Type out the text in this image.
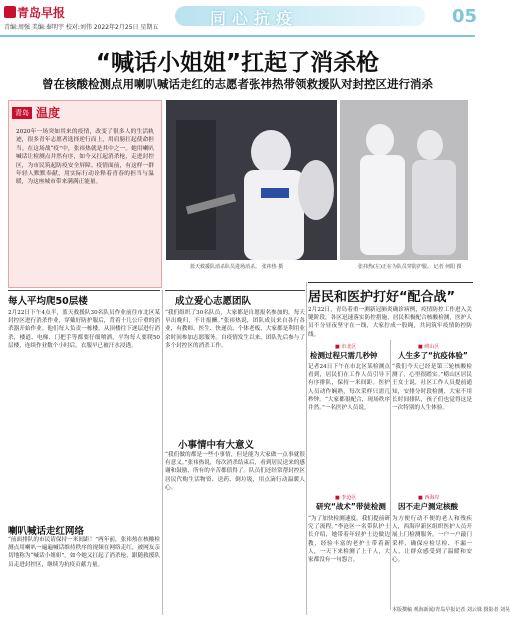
青岛早报
青编:周强 美编:秦明宇 校对:刘伟 2022年2月25日 星期五	同心抗疫	05
“喊话小姐姐”扛起了消杀枪
曾在核酸检测点用喇叭喊话走红的志愿者张祎热带领救援队对封控区进行消杀
青岛 温度
2020年一场突如其来的疫情，改变了很多人的生活轨迹，很多青年志愿者选择逆行而上，用肩膀扛起使命担当。在这场战“疫”中，张祎热就是其中之一。她用喇叭喊话让检测点井然有序，如今又扛起消杀枪，走进封控区，为市民筑起防疫安全屏障。疫情面前，有这样一群年轻人默默奉献，用实际行动诠释着青春的担当与温暖，为这座城市带来满满正能量。
蓝天救援队消杀队员进场消杀。 张祎热 摄	张祎热(左)正在为队员穿防护服。 记者 何阳 摄
每人平均爬50层楼
2月22日下午4点半，蓝天救援队30名队员作业前往市北区某封控区进行消杀作业，穿戴好防护服后，背着十几公斤重的消杀器开始作业。他们每人负责一栋楼，从顶楼往下逐层进行消杀，楼道、电梯、门把手等都要仔细喷洒，平均每人要爬50层楼，连续作业数个小时后，衣服早已被汗水浸透。
喇叭喊话走红网络
“前面排队的市民请保持一米间距！”两年前，张祎热在核酸检测点用喇叭一遍遍喊话维持秩序的视频在网络走红，被网友亲切地称为“喊话小姐姐”。如今她又扛起了消杀枪，跟随救援队员走进封控区，继续为抗疫贡献力量。
成立爱心志愿团队
“我们组织了30名队员，大家都是自愿报名参加的，每天早出晚归，不计报酬。”张祎热说，团队成员来自各行各业，有教师、医生、快递员、个体老板，大家都是利用业余时间参加志愿服务。自疫情发生以来，团队先后参与了多个封控区的消杀工作。
小事情中有大意义
“我们做的都是一些小事情，但是能为大家做一点事就很有意义。”张祎热说，每次消杀结束后，看到居民送来的感谢和鼓励，所有的辛苦都值得了。队员们还经常帮封控区居民代购生活物资、送药、倒垃圾，用点滴行动温暖人心。
居民和医护打好“配合战”
2月22日，青岛着重一测新冠肺炎确诊病例，疫情防控工作进入关键阶段，各区迅速落实防控措施，居民积极配合核酸检测，医护人员不分昼夜坚守在一线，大家拧成一股绳，共同筑牢疫情防控防线。
■ 市北区
检测过程只需几秒钟
记者24日下午在市北区某检测点看到，居民们在工作人员引导下有序排队，保持一米间距。医护人员动作娴熟，每次采样只需几秒钟。“大家都很配合，现场秩序井然。”一名医护人员说。
■ 李沧区
研究“战术”带徒检测
“为了加快检测速度，我们提前研究了流程。”李沧区一名带队护士长介绍，她带着年轻护士边做边教，经验丰富的老护士带着新人，一天下来检测了上千人，大家都没有一句怨言。
■ 崂山区
人生多了“抗疫体验”
“我们今天已经是第三轮核酸检测了，心里很踏实。”崂山区居民王女士说，社区工作人员提前通知，安排分时段检测，大家不用长时间排队，孩子们也觉得这是一次特别的人生体验。
■ 西海岸
因不走户测定核酸
为方便行动不便的老人和残疾人，西海岸新区组织医护人员开展上门检测服务，一户一户敲门采样，确保应检尽检、不漏一人，让群众感受到了温暖和安心。
本版撰稿 观海新闻/青岛早报记者 刘云姝 摄影者 刘昊
